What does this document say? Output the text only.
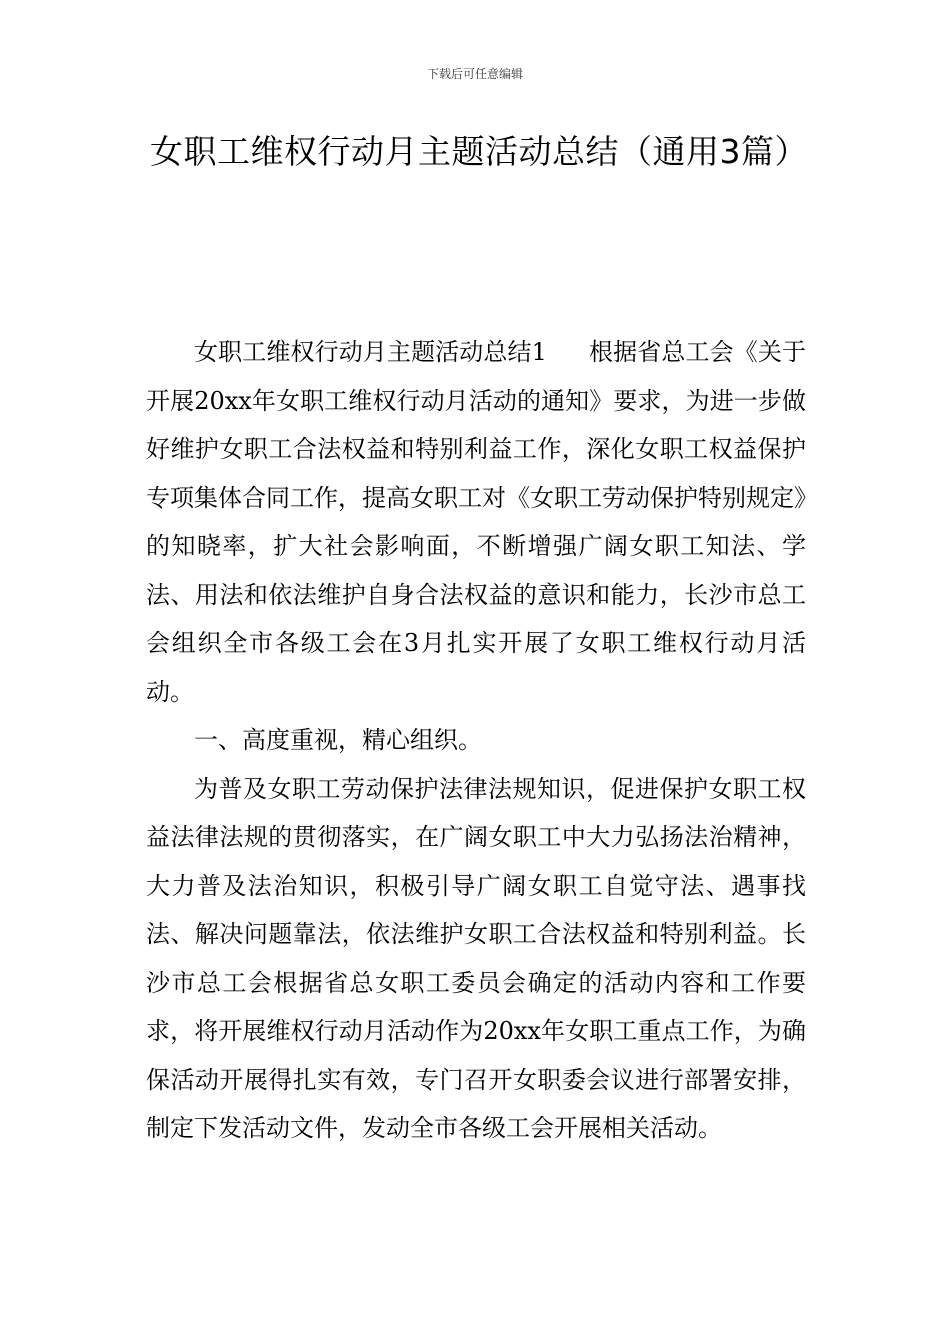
下载后可任意编辑
女职工维权行动月主题活动总结（通用3篇）

女职工维权行动月主题活动总结1 根据省总工会《关于开展20xx年女职工维权行动月活动的通知》要求，为进一步做好维护女职工合法权益和特别利益工作，深化女职工权益保护专项集体合同工作，提高女职工对《女职工劳动保护特别规定》的知晓率，扩大社会影响面，不断增强广阔女职工知法、学法、用法和依法维护自身合法权益的意识和能力，长沙市总工会组织全市各级工会在3月扎实开展了女职工维权行动月活动。

一、高度重视，精心组织。

为普及女职工劳动保护法律法规知识，促进保护女职工权益法律法规的贯彻落实，在广阔女职工中大力弘扬法治精神，大力普及法治知识，积极引导广阔女职工自觉守法、遇事找法、解决问题靠法，依法维护女职工合法权益和特别利益。长沙市总工会根据省总女职工委员会确定的活动内容和工作要求，将开展维权行动月活动作为20xx年女职工重点工作，为确保活动开展得扎实有效，专门召开女职委会议进行部署安排，制定下发活动文件，发动全市各级工会开展相关活动。
